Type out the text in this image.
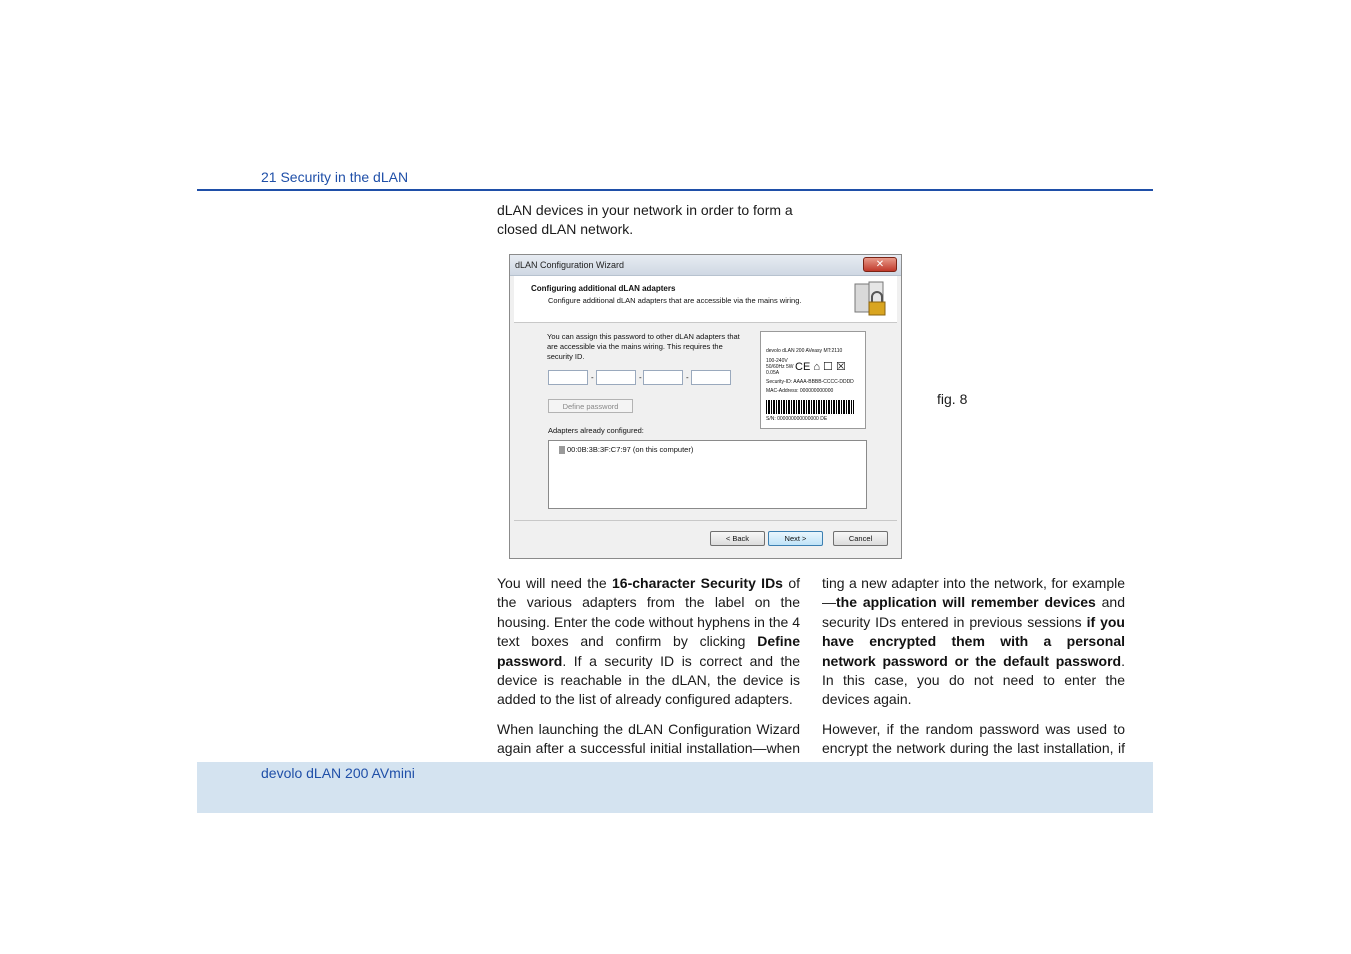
21 Security in the dLAN
dLAN devices in your network in order to form a closed dLAN network.
dLAN Configuration Wizard	✕
Configuring additional dLAN adapters
Configure additional dLAN adapters that are accessible via the mains wiring.
You can assign this password to other dLAN adapters that are accessible via the mains wiring. This requires the security ID.
-	-	-
Define password
devolo dLAN 200 AVeasy MT:2110
100-240V 50/60Hz 5W 0.05A	CE ⌂ ☐ ☒
Security-ID: AAAA-BBBB-CCCC-DDDD
MAC-Address: 000000000000
S/N: 000000000000000 DE
Adapters already configured:
00:0B:3B:3F:C7:97 (on this computer)
< Back	Next >	Cancel
fig. 8

You will need the 16-character Security IDs of the various adapters from the label on the housing. Enter the code without hyphens in the 4 text boxes and confirm by clicking Define password. If a security ID is correct and the device is reachable in the dLAN, the device is added to the list of already configured adapters.

When launching the dLAN Configuration Wizard again after a successful initial installation—when

ting a new adapter into the network, for example—the application will remember devices and security IDs entered in previous sessions if you have encrypted them with a personal network password or the default password. In this case, you do not need to enter the devices again.

However, if the random password was used to encrypt the network during the last installation, if

devolo dLAN 200 AVmini
